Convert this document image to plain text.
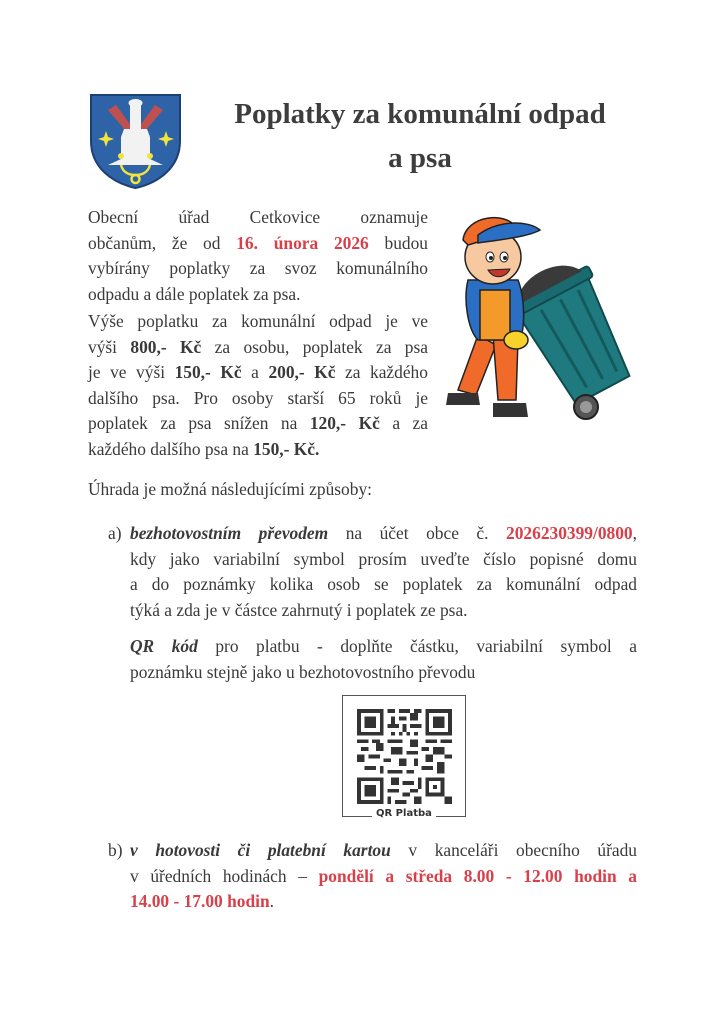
Poplatky za komunální odpad
a psa
Obecní úřad Cetkovice oznamuje
občanům, že od 16. února 2026 budou
vybírány poplatky za svoz komunálního
odpadu a dále poplatek za psa.
Výše poplatku za komunální odpad je ve
výši 800,- Kč za osobu, poplatek za psa
je ve výši 150,- Kč a 200,- Kč za každého
dalšího psa. Pro osoby starší 65 roků je
poplatek za psa snížen na 120,- Kč a za
každého dalšího psa na 150,- Kč.
Úhrada je možná následujícími způsoby:
a) bezhotovostním převodem na účet obce č. 2026230399/0800,
kdy jako variabilní symbol prosím uveďte číslo popisné domu
a do poznámky kolika osob se poplatek za komunální odpad
týká a zda je v částce zahrnutý i poplatek ze psa.
QR kód pro platbu - doplňte částku, variabilní symbol a
poznámku stejně jako u bezhotovostního převodu
QR Platba
b) v hotovosti či platební kartou v kanceláři obecního úřadu
v úředních hodinách – pondělí a středa 8.00 - 12.00 hodin a
14.00 - 17.00 hodin.
